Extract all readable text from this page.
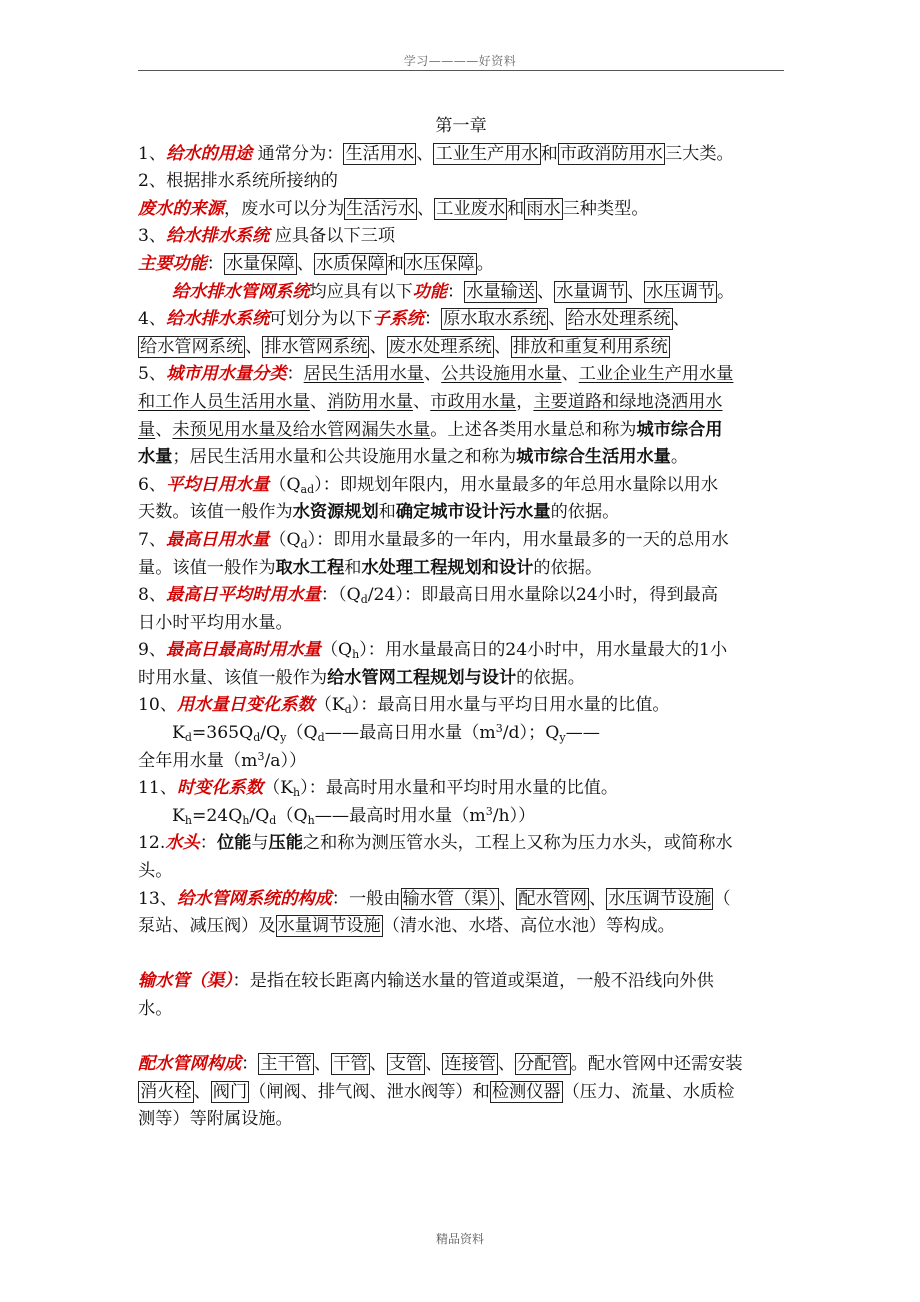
学习————好资料
第一章
1、给水的用途 通常分为： 生活用水 、 工业生产用水 和 市政消防用水 三大类。
2、根据排水系统所接纳的
废水的来源，废水可以分为 生活污水 、 工业废水 和 雨水 三种类型。
3、给水排水系统 应具备以下三项
主要功能： 水量保障 、 水质保障 和 水压保障 。
给水排水管网系统均应具有以下功能： 水量输送 、 水量调节 、 水压调节 。
4、给水排水系统可划分为以下子系统： 原水取水系统 、 给水处理系统 、
给水管网系统 、 排水管网系统 、 废水处理系统 、 排放和重复利用系统
5、城市用水量分类：居民生活用水量、公共设施用水量、工业企业生产用水量
和工作人员生活用水量、消防用水量、市政用水量，主要道路和绿地浇洒用水
量、未预见用水量及给水管网漏失水量。上述各类用水量总和称为城市综合用
水量；居民生活用水量和公共设施用水量之和称为城市综合生活用水量。
6、平均日用水量$(Q_{ad})$：即规划年限内，用水量最多的年总用水量除以用水
天数。该值一般作为水资源规划和确定城市设计污水量的依据。
7、最高日用水量$(Q_d)$：即用水量最多的一年内，用水量最多的一天的总用水
量。该值一般作为取水工程和水处理工程规划和设计的依据。
8、最高日平均时用水量：$(Q_d/24)$：即最高日用水量除以24小时，得到最高
日小时平均用水量。
9、最高日最高时用水量$(Q_h)$：用水量最高日的24小时中，用水量最大的1小
时用水量、该值一般作为给水管网工程规划与设计的依据。
10、用水量日变化系数$(K_d)$：最高日用水量与平均日用水量的比值。
$K_d=365Q_d/Q_y(Q_d——$最高日用水量$(m^3/d)$；$Q_y——$
全年用水量$(m^3/a)$）
11、时变化系数$(K_h)$：最高时用水量和平均时用水量的比值。
$K_h=24Q_h/Q_d(Q_h——$最高时用水量$(m^3/h)$）
12.水头：位能与压能之和称为测压管水头，工程上又称为压力水头，或简称水
头。
13、给水管网系统的构成：一般由 输水管（渠） 、 配水管网 、 水压调节设施 （
泵站、减压阀）及 水量调节设施 （清水池、水塔、高位水池）等构成。
输水管（渠）：是指在较长距离内输送水量的管道或渠道，一般不沿线向外供
水。
配水管网构成： 主干管 、 干管 、 支管 、 连接管 、 分配管 。配水管网中还需安装
消火栓 、 阀门 （闸阀、排气阀、泄水阀等）和 检测仪器 （压力、流量、水质检
测等）等附属设施。
精品资料
